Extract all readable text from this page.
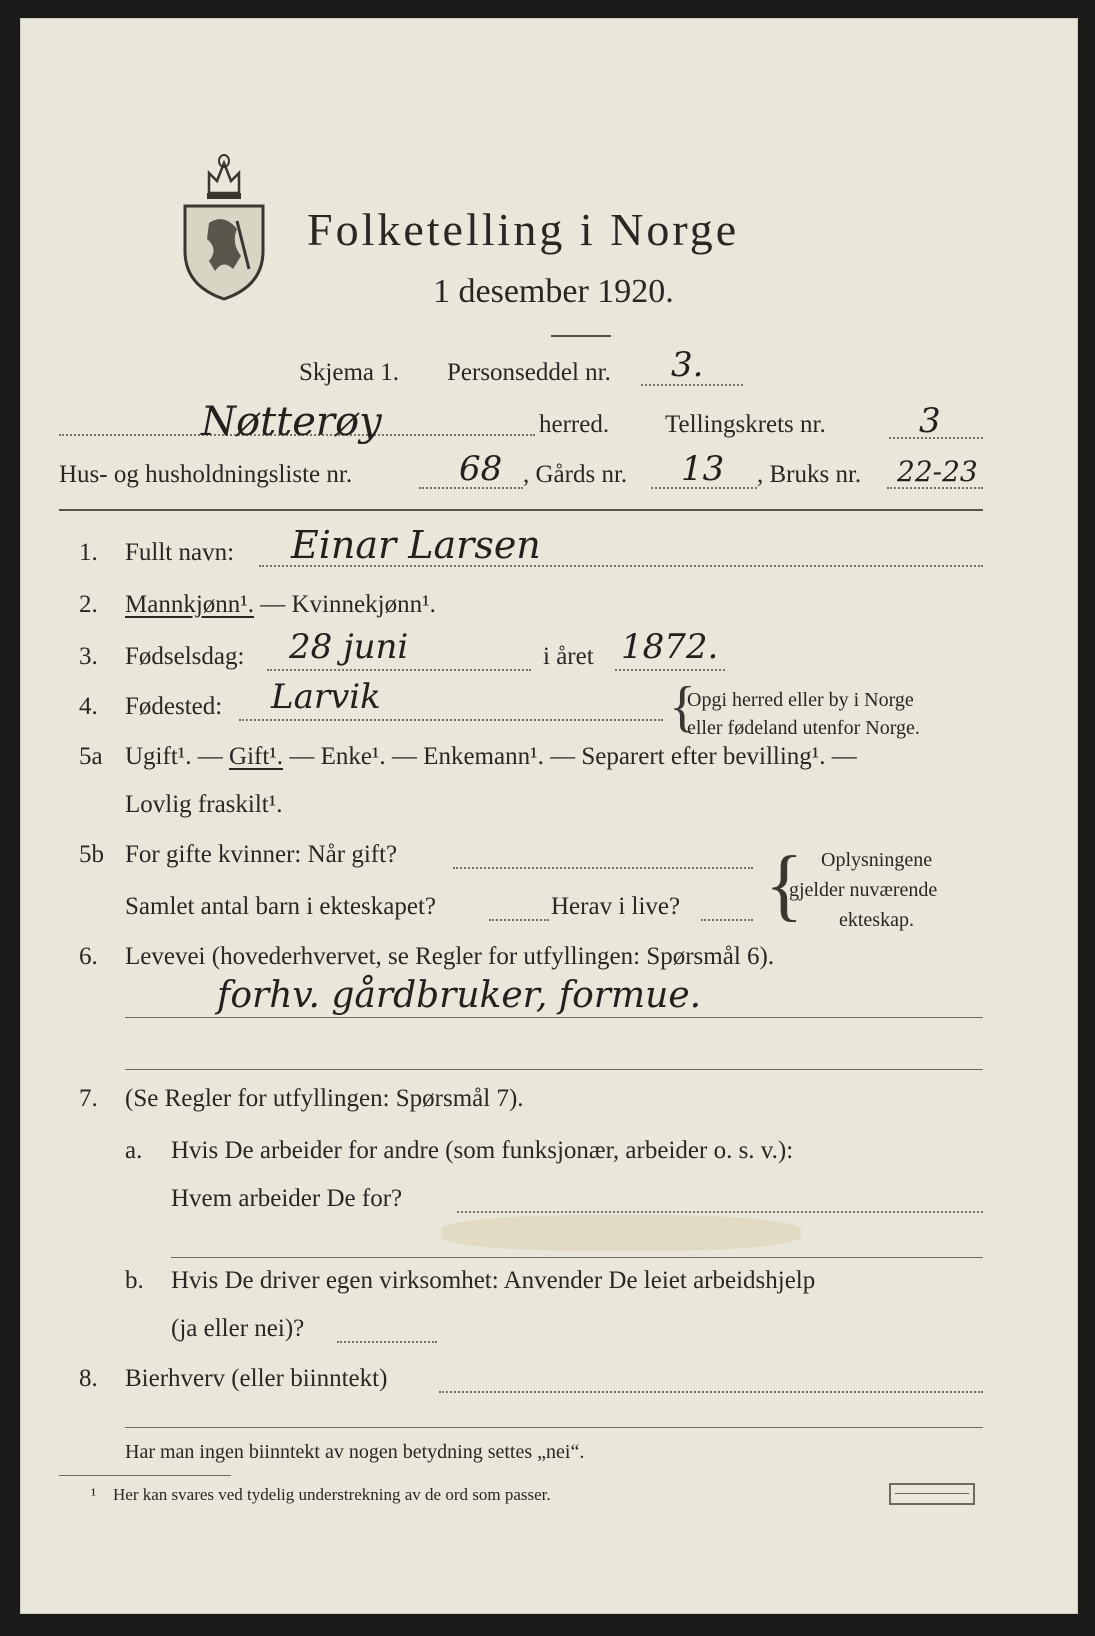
Folketelling i Norge
1 desember 1920.
Skjema 1. Personseddel nr. 3.
Nøtterøy	herred. Tellingskrets nr.	3
Hus- og husholdningsliste nr.	68 , Gårds nr. 13 , Bruks nr. 22-23
1. Fullt navn: Einar Larsen
2. Mannkjønn¹. — Kvinnekjønn¹.
3. Fødselsdag: 28 juni	i året 1872.
4. Fødested: Larvik	{
Opgi herred eller by i Norge
eller fødeland utenfor Norge.
5a Ugift¹. — Gift¹. — Enke¹. — Enkemann¹. — Separert efter bevilling¹. —
Lovlig fraskilt¹.
5b For gifte kvinner: Når gift?
Samlet antal barn i ekteskapet?	Herav i live? { Oplysningene
gjelder nuværende
ekteskap.
6. Levevei (hovederhvervet, se Regler for utfyllingen: Spørsmål 6).
forhv. gårdbruker, formue.
7. (Se Regler for utfyllingen: Spørsmål 7).
a. Hvis De arbeider for andre (som funksjonær, arbeider o. s. v.):
Hvem arbeider De for?
b. Hvis De driver egen virksomhet: Anvender De leiet arbeidshjelp
(ja eller nei)?
8. Bierhverv (eller biinntekt)
Har man ingen biinntekt av nogen betydning settes „nei“.
¹ Her kan svares ved tydelig understrekning av de ord som passer.
